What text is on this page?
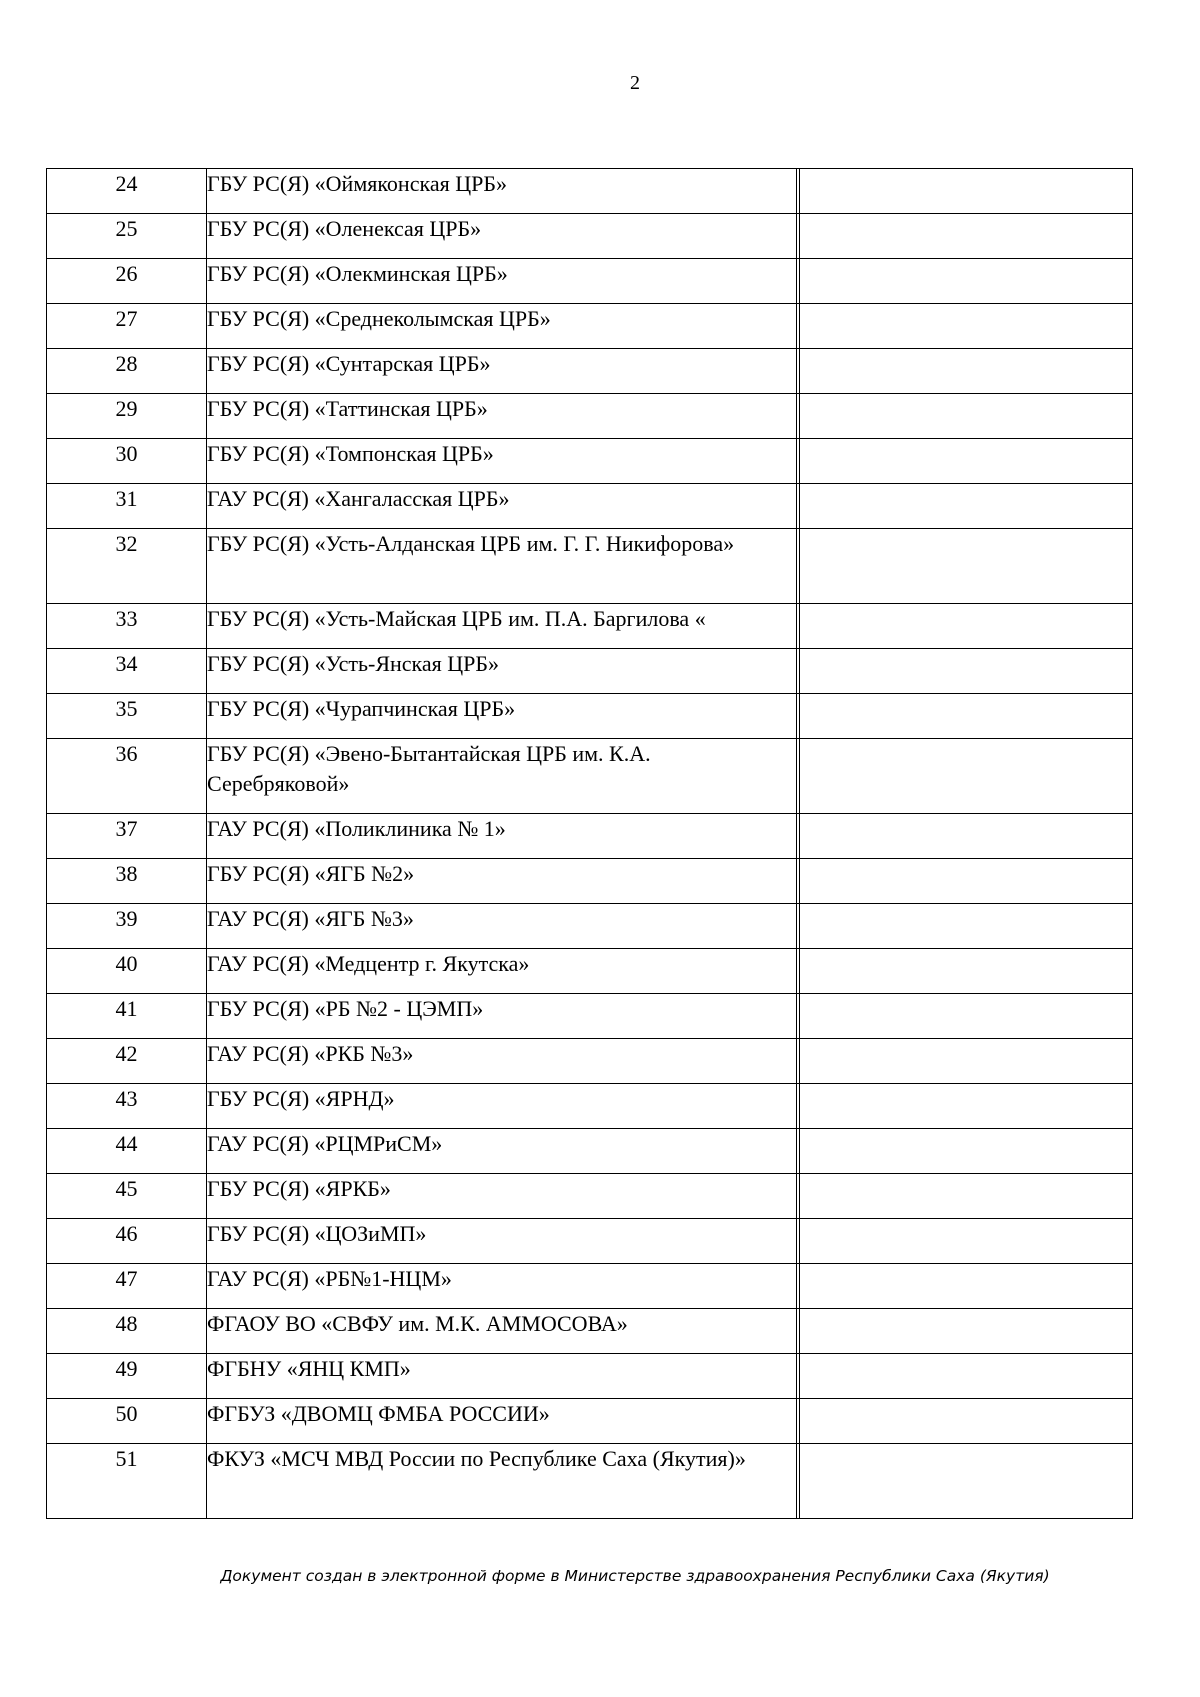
2
24	ГБУ РС(Я) «Оймяконская ЦРБ»		
25	ГБУ РС(Я) «Оленексая ЦРБ»		
26	ГБУ РС(Я) «Олекминская ЦРБ»		
27	ГБУ РС(Я) «Среднеколымская ЦРБ»		
28	ГБУ РС(Я) «Сунтарская ЦРБ»		
29	ГБУ РС(Я) «Таттинская ЦРБ»		
30	ГБУ РС(Я) «Томпонская ЦРБ»		
31	ГАУ РС(Я) «Хангаласская ЦРБ»		
32	ГБУ РС(Я) «Усть-Алданская ЦРБ им. Г. Г. Никифорова»		
33	ГБУ РС(Я) «Усть-Майская ЦРБ им. П.А. Баргилова «		
34	ГБУ РС(Я) «Усть-Янская ЦРБ»		
35	ГБУ РС(Я) «Чурапчинская ЦРБ»		
36	ГБУ РС(Я) «Эвено-Бытантайская ЦРБ им. К.А. Серебряковой»		
37	ГАУ РС(Я) «Поликлиника № 1»		
38	ГБУ РС(Я) «ЯГБ №2»		
39	ГАУ РС(Я) «ЯГБ №3»		
40	ГАУ РС(Я) «Медцентр г. Якутска»		
41	ГБУ РС(Я) «РБ №2 - ЦЭМП»		
42	ГАУ РС(Я) «РКБ №3»		
43	ГБУ РС(Я) «ЯРНД»		
44	ГАУ РС(Я) «РЦМРиСМ»		
45	ГБУ РС(Я) «ЯРКБ»		
46	ГБУ РС(Я) «ЦОЗиМП»		
47	ГАУ РС(Я) «РБ№1-НЦМ»		
48	ФГАОУ ВО «СВФУ им. М.К. АММОСОВА»		
49	ФГБНУ «ЯНЦ КМП»		
50	ФГБУЗ «ДВОМЦ ФМБА РОССИИ»		
51	ФКУЗ «МСЧ МВД России по Республике Саха (Якутия)»		
Документ создан в электронной форме в Министерстве здравоохранения Республики Саха (Якутия)
